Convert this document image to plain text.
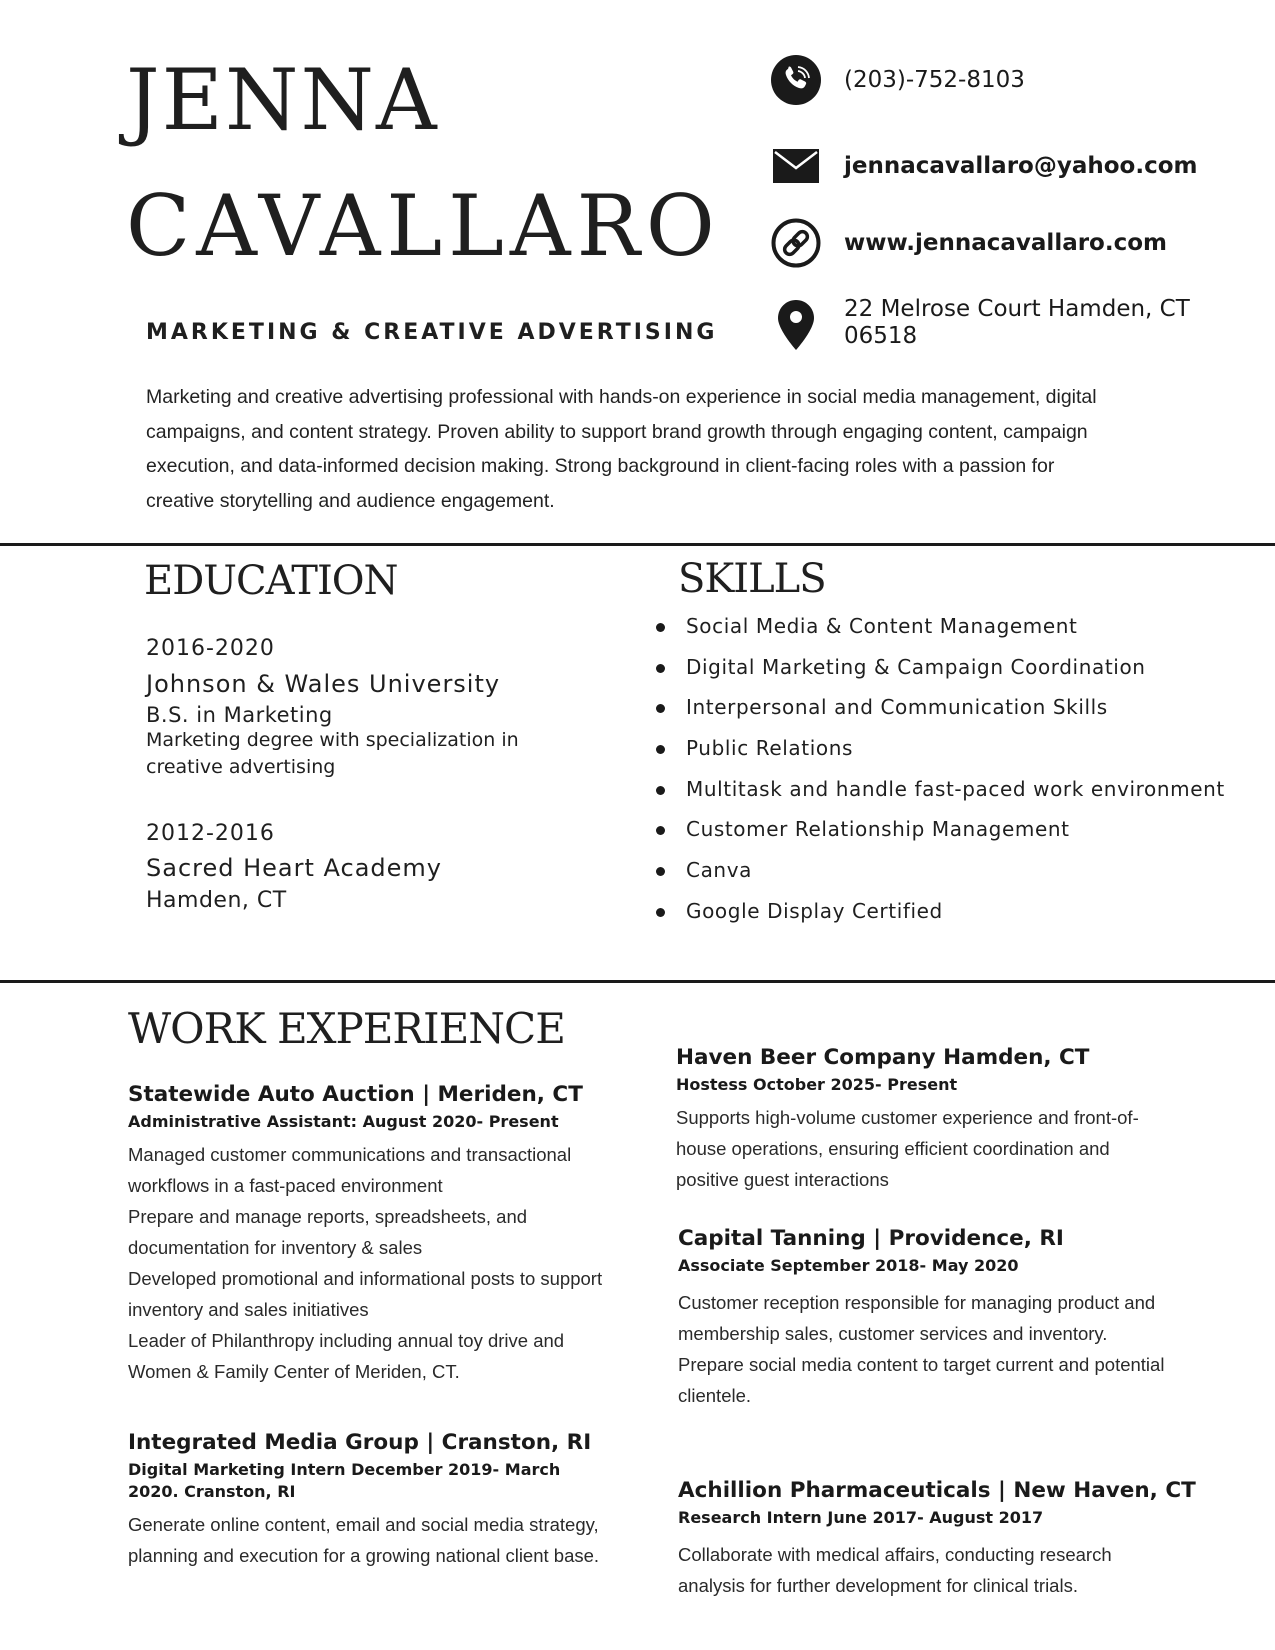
JENNA
CAVALLARO
MARKETING & CREATIVE ADVERTISING
Marketing and creative advertising professional with hands-on experience in social media management, digital campaigns, and content strategy. Proven ability to support brand growth through engaging content, campaign execution, and data-informed decision making. Strong background in client-facing roles with a passion for creative storytelling and audience engagement.
(203)-752-8103
jennacavallaro@yahoo.com
www.jennacavallaro.com
22 Melrose Court Hamden, CT
06518
EDUCATION
2016-2020
Johnson & Wales University
B.S. in Marketing
Marketing degree with specialization in
creative advertising
2012-2016
Sacred Heart Academy
Hamden, CT
SKILLS
Social Media & Content Management
Digital Marketing & Campaign Coordination
Interpersonal and Communication Skills
Public Relations
Multitask and handle fast-paced work environment
Customer Relationship Management
Canva
Google Display Certified
WORK EXPERIENCE
Statewide Auto Auction | Meriden, CT
Administrative Assistant: August 2020- Present
Managed customer communications and transactional workflows in a fast-paced environment
Prepare and manage reports, spreadsheets, and documentation for inventory & sales
Developed promotional and informational posts to support inventory and sales initiatives
Leader of Philanthropy including annual toy drive and Women & Family Center of Meriden, CT.
Integrated Media Group | Cranston, RI
Digital Marketing Intern December 2019- March 2020. Cranston, RI
Generate online content, email and social media strategy, planning and execution for a growing national client base.
Haven Beer Company Hamden, CT
Hostess October 2025- Present
Supports high-volume customer experience and front-of-house operations, ensuring efficient coordination and positive guest interactions
Capital Tanning | Providence, RI
Associate September 2018- May 2020
Customer reception responsible for managing product and membership sales, customer services and inventory.
Prepare social media content to target current and potential clientele.
Achillion Pharmaceuticals | New Haven, CT
Research Intern June 2017- August 2017
Collaborate with medical affairs, conducting research analysis for further development for clinical trials.
